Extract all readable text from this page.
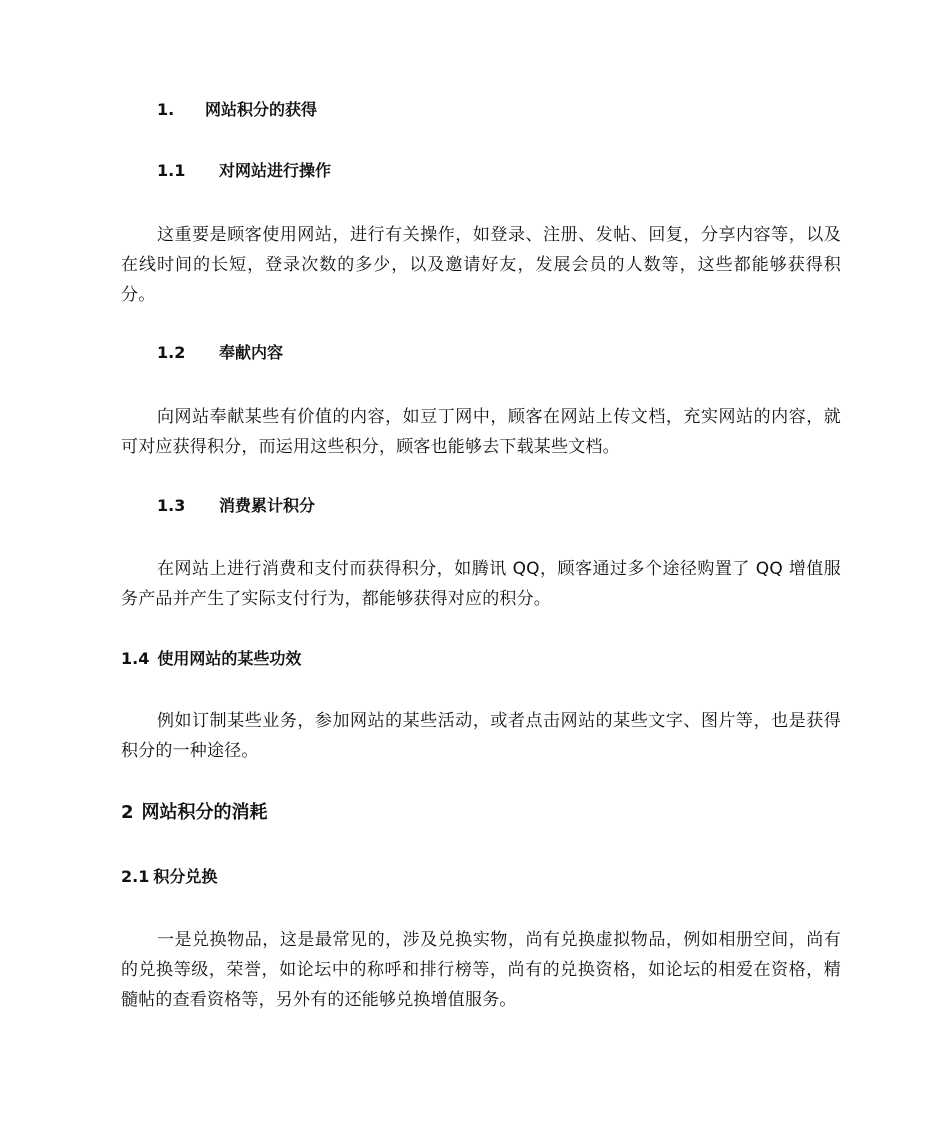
1. 网站积分的获得
1.1 对网站进行操作

这重要是顾客使用网站，进行有关操作，如登录、注册、发帖、回复，分享内容等，以及在线时间的长短，登录次数的多少，以及邀请好友，发展会员的人数等，这些都能够获得积分。

1.2 奉献内容

向网站奉献某些有价值的内容，如豆丁网中，顾客在网站上传文档，充实网站的内容，就可对应获得积分，而运用这些积分，顾客也能够去下载某些文档。

1.3 消费累计积分

在网站上进行消费和支付而获得积分，如腾讯 QQ，顾客通过多个途径购置了 QQ 增值服务产品并产生了实际支付行为，都能够获得对应的积分。

1.4 使用网站的某些功效

例如订制某些业务，参加网站的某些活动，或者点击网站的某些文字、图片等，也是获得积分的一种途径。

2 网站积分的消耗
2.1 积分兑换

一是兑换物品，这是最常见的，涉及兑换实物，尚有兑换虚拟物品，例如相册空间，尚有的兑换等级，荣誉，如论坛中的称呼和排行榜等，尚有的兑换资格，如论坛的相爱在资格，精髓帖的查看资格等，另外有的还能够兑换增值服务。
